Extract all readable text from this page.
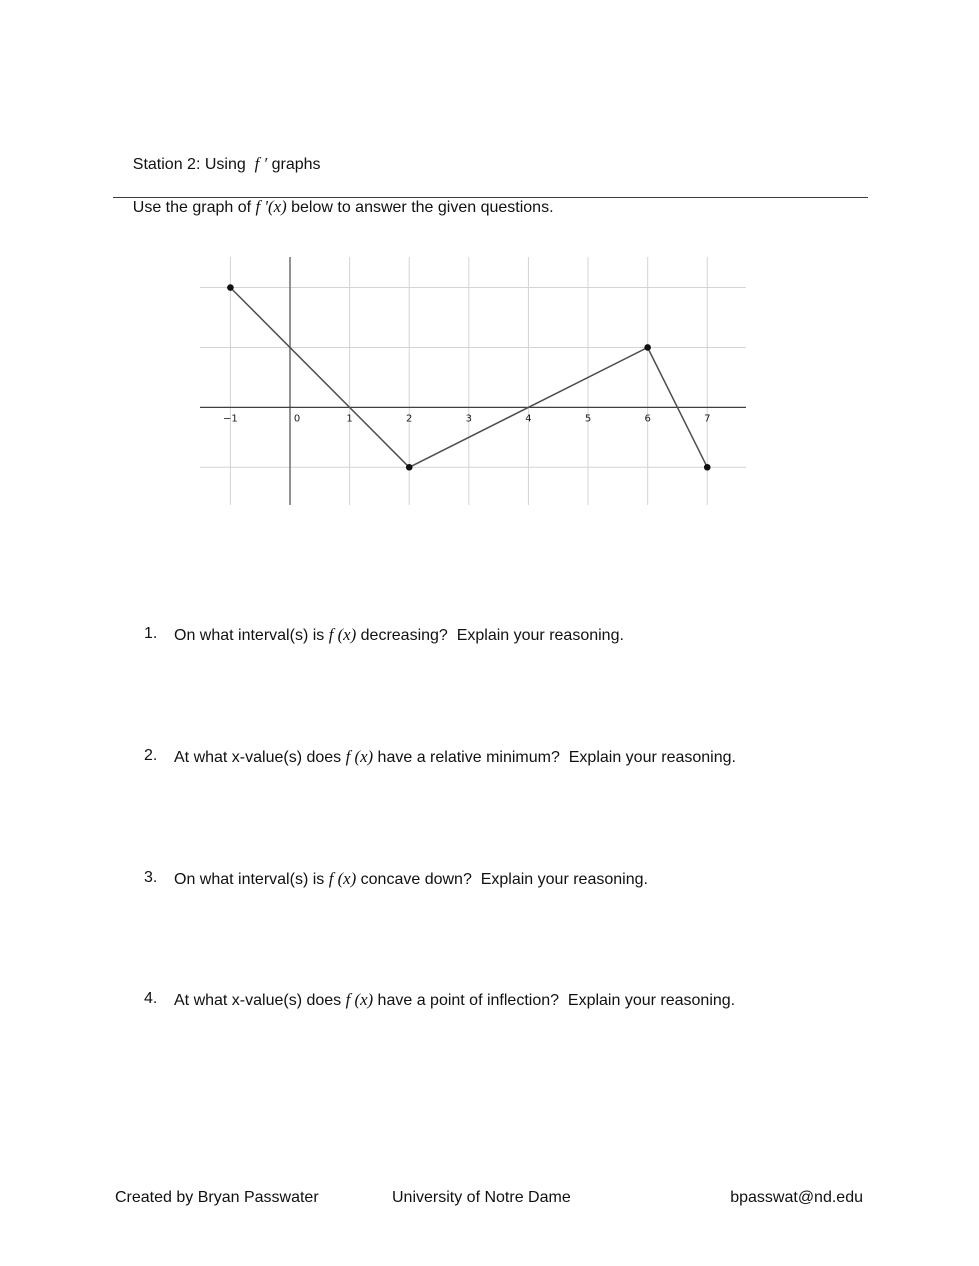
Station 2: Using  f ′ graphs

Use the graph of f ′(x) below to answer the given questions.

−1	0	1	2	3	4	5	6	7
1.	On what interval(s) is f (x) decreasing?  Explain your reasoning.
2.	At what x-value(s) does f (x) have a relative minimum?  Explain your reasoning.
3.	On what interval(s) is f (x) concave down?  Explain your reasoning.
4.	At what x-value(s) does f (x) have a point of inflection?  Explain your reasoning.
Created by Bryan Passwater	University of Notre Dame	bpasswat@nd.edu
